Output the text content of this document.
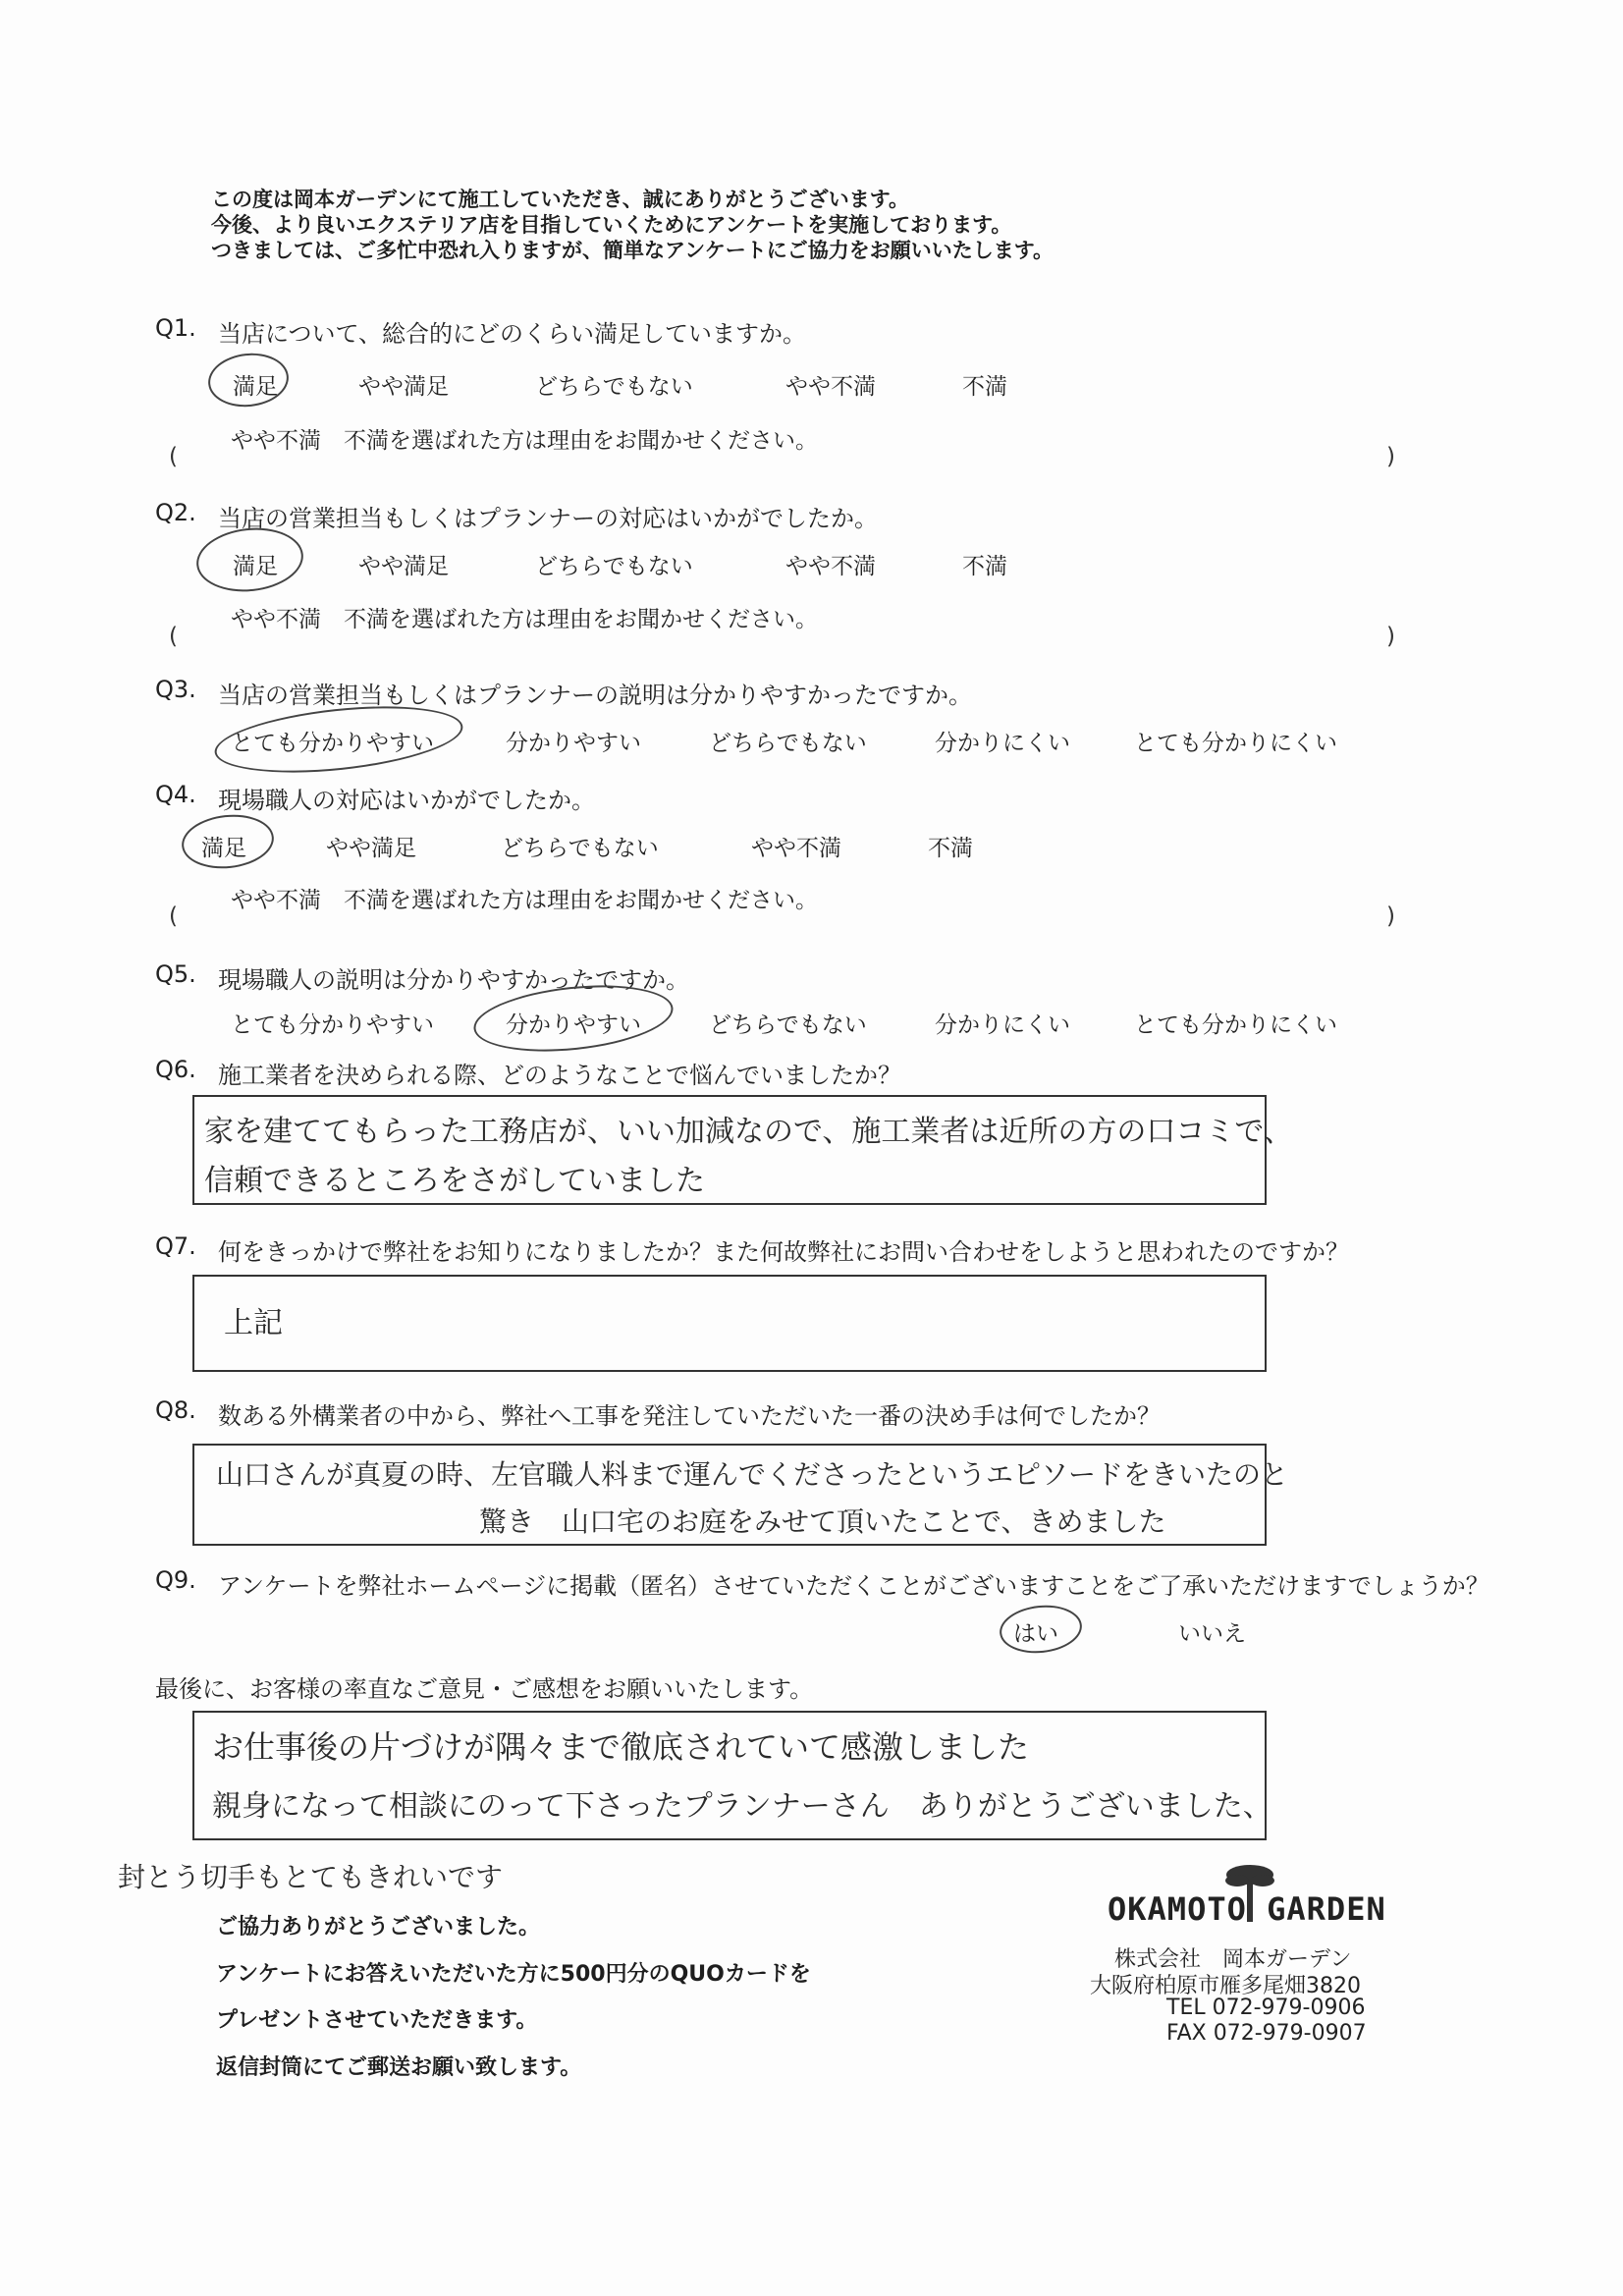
この度は岡本ガーデンにて施工していただき、誠にありがとうございます。
今後、より良いエクステリア店を目指していくためにアンケートを実施しております。
つきましては、ご多忙中恐れ入りますが、簡単なアンケートにご協力をお願いいたします。
Q1. 当店について、総合的にどのくらい満足していますか。
満足	やや満足	どちらでもない	やや不満	不満
やや不満　不満を選ばれた方は理由をお聞かせください。
(	)
Q2. 当店の営業担当もしくはプランナーの対応はいかがでしたか。
満足	やや満足	どちらでもない	やや不満	不満
やや不満　不満を選ばれた方は理由をお聞かせください。
(	)
Q3. 当店の営業担当もしくはプランナーの説明は分かりやすかったですか。
とても分かりやすい	分かりやすい	どちらでもない	分かりにくい	とても分かりにくい
Q4. 現場職人の対応はいかがでしたか。
満足	やや満足	どちらでもない	やや不満	不満
やや不満　不満を選ばれた方は理由をお聞かせください。
(	)
Q5. 現場職人の説明は分かりやすかったですか。
とても分かりやすい	分かりやすい	どちらでもない	分かりにくい	とても分かりにくい
Q6. 施工業者を決められる際、どのようなことで悩んでいましたか？
家を建ててもらった工務店が、いい加減なので、施工業者は近所の方の口コミで、
信頼できるところをさがしていました
Q7. 何をきっかけで弊社をお知りになりましたか？また何故弊社にお問い合わせをしようと思われたのですか？
上記
Q8. 数ある外構業者の中から、弊社へ工事を発注していただいた一番の決め手は何でしたか？
山口さんが真夏の時、左官職人料まで運んでくださったというエピソードをきいたのと
驚き　山口宅のお庭をみせて頂いたことで、きめました
Q9. アンケートを弊社ホームページに掲載（匿名）させていただくことがございますことをご了承いただけますでしょうか？
はい	いいえ
最後に、お客様の率直なご意見・ご感想をお願いいたします。
お仕事後の片づけが隅々まで徹底されていて感激しました
親身になって相談にのって下さったプランナーさん　ありがとうございました、
封とう切手もとてもきれいです
ご協力ありがとうございました。
アンケートにお答えいただいた方に500円分のQUOカードを
プレゼントさせていただきます。
返信封筒にてご郵送お願い致します。
OKAMOTO GARDEN
株式会社　岡本ガーデン
大阪府柏原市雁多尾畑3820
TEL 072-979-0906
FAX 072-979-0907
